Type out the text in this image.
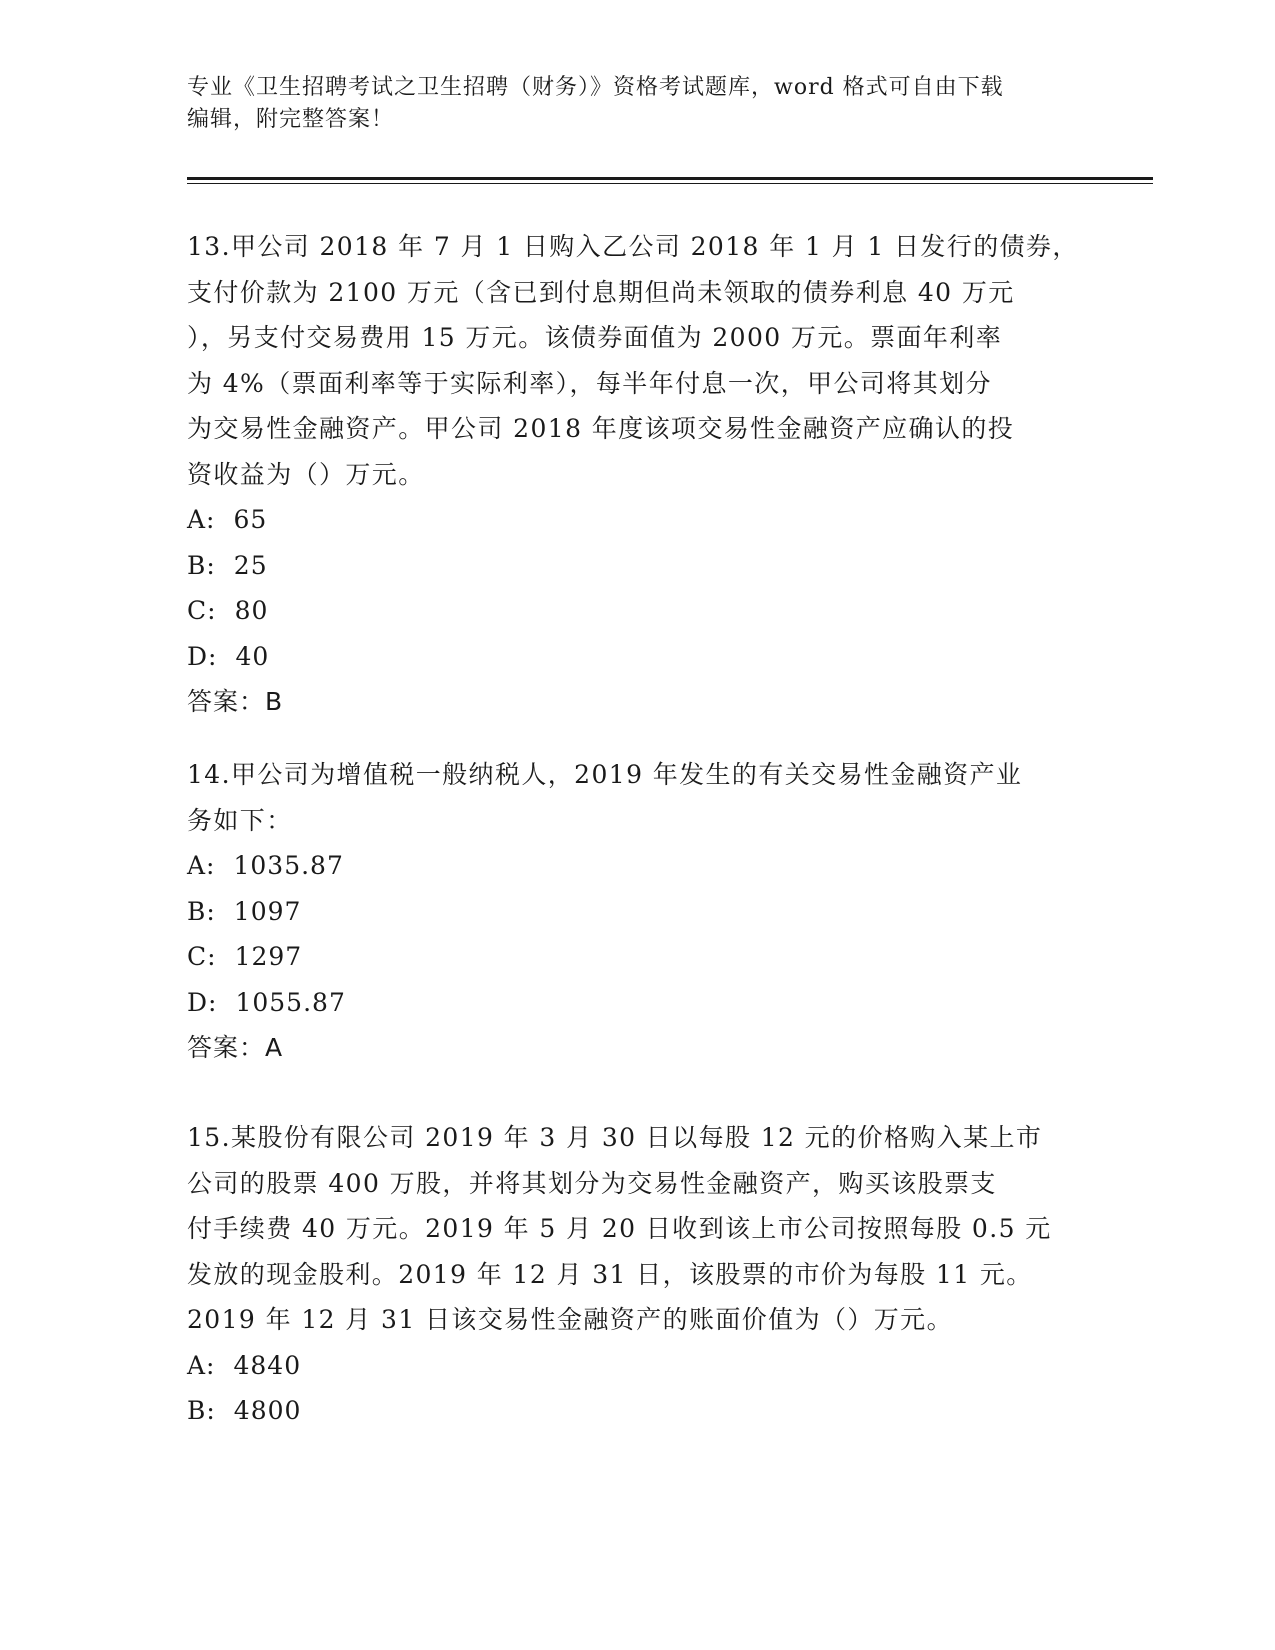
专业《卫生招聘考试之卫生招聘（财务）》资格考试题库，word 格式可自由下载
编辑，附完整答案！
13.甲公司 2018 年 7 月 1 日购入乙公司 2018 年 1 月 1 日发行的债券，
支付价款为 2100 万元（含已到付息期但尚未领取的债券利息 40 万元
），另支付交易费用 15 万元。该债券面值为 2000 万元。票面年利率
为 4%（票面利率等于实际利率），每半年付息一次，甲公司将其划分
为交易性金融资产。甲公司 2018 年度该项交易性金融资产应确认的投
资收益为（）万元。
A: 65
B: 25
C: 80
D: 40
答案：B
14.甲公司为增值税一般纳税人，2019 年发生的有关交易性金融资产业
务如下：
A: 1035.87
B: 1097
C: 1297
D: 1055.87
答案：A
15.某股份有限公司 2019 年 3 月 30 日以每股 12 元的价格购入某上市
公司的股票 400 万股，并将其划分为交易性金融资产，购买该股票支
付手续费 40 万元。2019 年 5 月 20 日收到该上市公司按照每股 0.5 元
发放的现金股利。2019 年 12 月 31 日，该股票的市价为每股 11 元。
2019 年 12 月 31 日该交易性金融资产的账面价值为（）万元。
A: 4840
B: 4800
